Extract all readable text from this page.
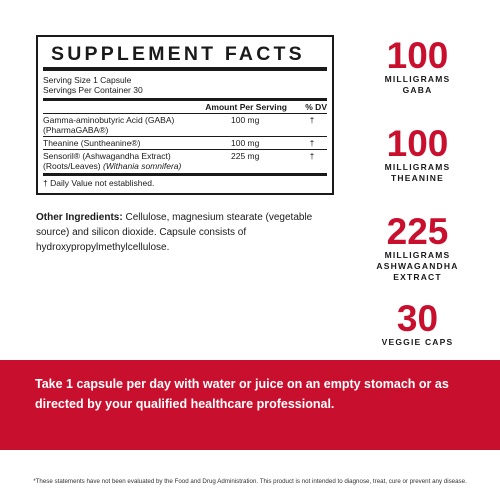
SUPPLEMENT FACTS
Serving Size 1 Capsule
Servings Per Container 30
Amount Per Serving	% DV
Gamma-aminobutyric Acid (GABA)
(PharmaGABA®)
100 mg	†
Theanine (Suntheanine®)	100 mg	†
Sensoril® (Ashwagandha Extract)
(Roots/Leaves) (Withania somnifera)
225 mg	†
† Daily Value not established.
Other Ingredients: Cellulose, magnesium stearate (vegetable source) and silicon dioxide. Capsule consists of hydroxypropylmethylcellulose.
100
MILLIGRAMS
GABA
100
MILLIGRAMS
THEANINE
225
MILLIGRAMS
ASHWAGANDHA
EXTRACT
30
VEGGIE CAPS
Take 1 capsule per day with water or juice on an empty stomach or as directed by your qualified healthcare professional.
*These statements have not been evaluated by the Food and Drug Administration. This product is not intended to diagnose, treat, cure or prevent any disease.
